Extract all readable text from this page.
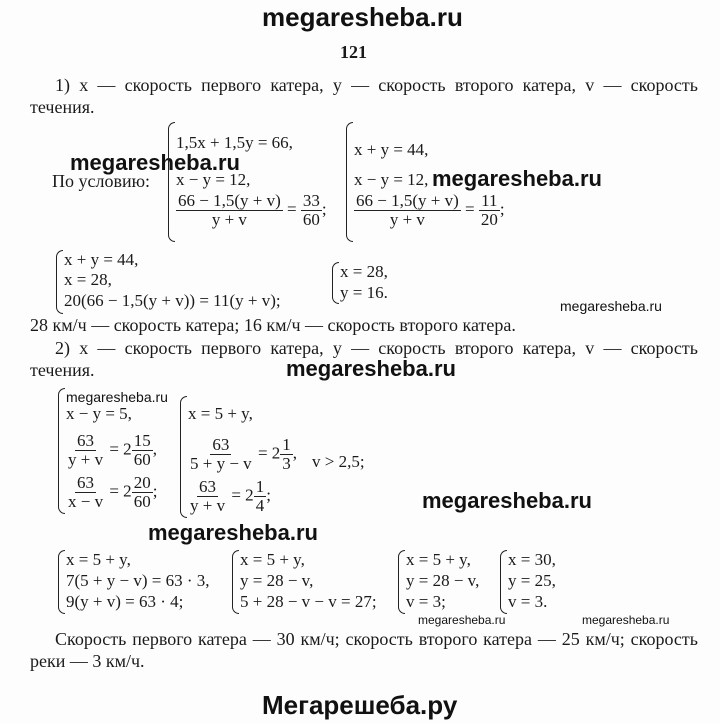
megaresheba.ru
megaresheba.ru
megaresheba.ru
megaresheba.ru
megaresheba.ru
megaresheba.ru
megaresheba.ru
megaresheba.ru
megaresheba.ru	megaresheba.ru
Мегарешеба.ру
121
1) x — скорость первого катера, y — скорость второго катера, v — скорость
течения.
По условию:
1,5x + 1,5y = 66,
x − y = 12,
$\frac{66 - 1,5(y + v)}{y + v} = \frac{33}{60}$ ;
x + y = 44,
x − y = 12,
$\frac{66 - 1,5(y + v)}{y + v} = \frac{11}{20}$ ;
x + y = 44,
x = 28,
20(66 − 1,5(y + v)) = 11(y + v);
x = 28,
y = 16.
28 км/ч — скорость катера; 16 км/ч — скорость второго катера.
2) x — скорость первого катера, y — скорость второго катера, v — скорость
течения.
x − y = 5,
$\frac{63}{y + v} = 2 \frac{15}{60}$ ,
$\frac{63}{x - v} = 2 \frac{20}{60}$ ;
x = 5 + y,
$\frac{63}{5 + y - v} = 2 \frac{1}{3}$ ,
$\frac{63}{y + v} = 2 \frac{1}{4}$ ;
v > 2,5;
x = 5 + y,
7(5 + y − v) = 63 · 3,
9(y + v) = 63 · 4;
x = 5 + y,
y = 28 − v,
5 + 28 − v − v = 27;
x = 5 + y,
y = 28 − v,
v = 3;
x = 30,
y = 25,
v = 3.
Скорость первого катера — 30 км/ч; скорость второго катера — 25 км/ч; скорость
реки — 3 км/ч.
